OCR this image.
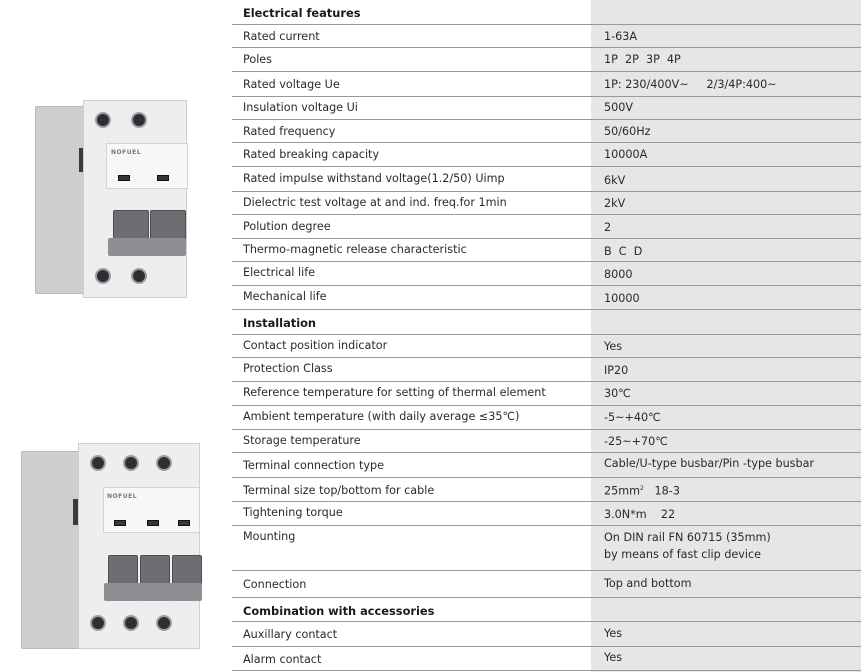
NOFUEL
NOFUEL
Electrical features
Rated current	1-63A
Poles	1P  2P  3P  4P
Rated voltage Ue	1P: 230/400V~     2/3/4P:400~
Insulation voltage Ui	500V
Rated frequency	50/60Hz
Rated breaking capacity	10000A
Rated impulse withstand voltage(1.2/50) Uimp	6kV
Dielectric test voltage at and ind. freq.for 1min	2kV
Polution degree	2
Thermo-magnetic release characteristic	B  C  D
Electrical life	8000
Mechanical life	10000
Installation
Contact position indicator	Yes
Protection Class	IP20
Reference temperature for setting of thermal element	30℃
Ambient temperature (with daily average ≤35℃)	-5~+40℃
Storage temperature	-25~+70℃
Terminal connection type	Cable/U-type busbar/Pin -type busbar
Terminal size top/bottom for cable	$25mm^2$   18-3
Tightening torque	3.0N*m    22
Mounting	On DIN rail FN 60715 (35mm)
by means of fast clip device
Connection	Top and bottom
Combination with accessories
Auxillary contact	Yes
Alarm contact	Yes
